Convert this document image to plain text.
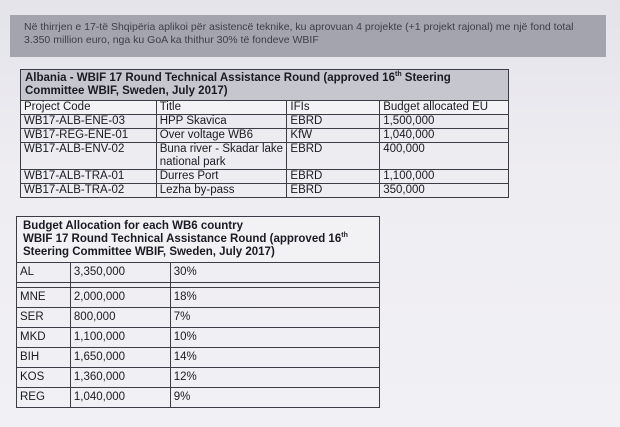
Në thirrjen e 17-të Shqipëria aplikoi për asistencë teknike, ku aprovuan 4 projekte (+1 projekt rajonal) me një fond total 3.350 million euro, nga ku GoA ka thithur 30% të fondeve WBIF
Albania - WBIF 17 Round Technical Assistance Round (approved 16th Steering Committee WBIF, Sweden, July 2017)			
Project Code	Title	IFIs	Budget allocated EU
WB17-ALB-ENE-03	HPP Skavica	EBRD	1,500,000
WB17-REG-ENE-01	Over voltage WB6	KfW	1,040,000
WB17-ALB-ENV-02	Buna river - Skadar lake national park	EBRD	400,000
WB17-ALB-TRA-01	Durres Port	EBRD	1,100,000
WB17-ALB-TRA-02	Lezha by-pass	EBRD	350,000
Budget Allocation for each WB6 country
WBIF 17 Round Technical Assistance Round (approved 16th
Steering Committee WBIF, Sweden, July 2017)		
AL	3,350,000	30%

MNE	2,000,000	18%
SER	800,000	7%
MKD	1,100,000	10%
BIH	1,650,000	14%
KOS	1,360,000	12%
REG	1,040,000	9%
